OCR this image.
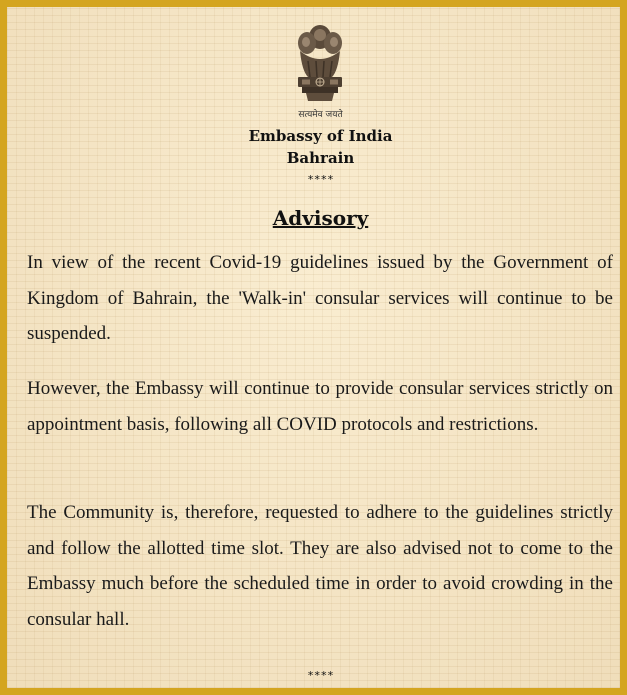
सत्यमेव जयते
Embassy of India
Bahrain
****
Advisory

In view of the recent Covid-19 guidelines issued by the Government of Kingdom of Bahrain, the 'Walk-in' consular services will continue to be suspended.

However, the Embassy will continue to provide consular services strictly on appointment basis, following all COVID protocols and restrictions.

The Community is, therefore, requested to adhere to the guidelines strictly and follow the allotted time slot. They are also advised not to come to the Embassy much before the scheduled time in order to avoid crowding in the consular hall.

****
